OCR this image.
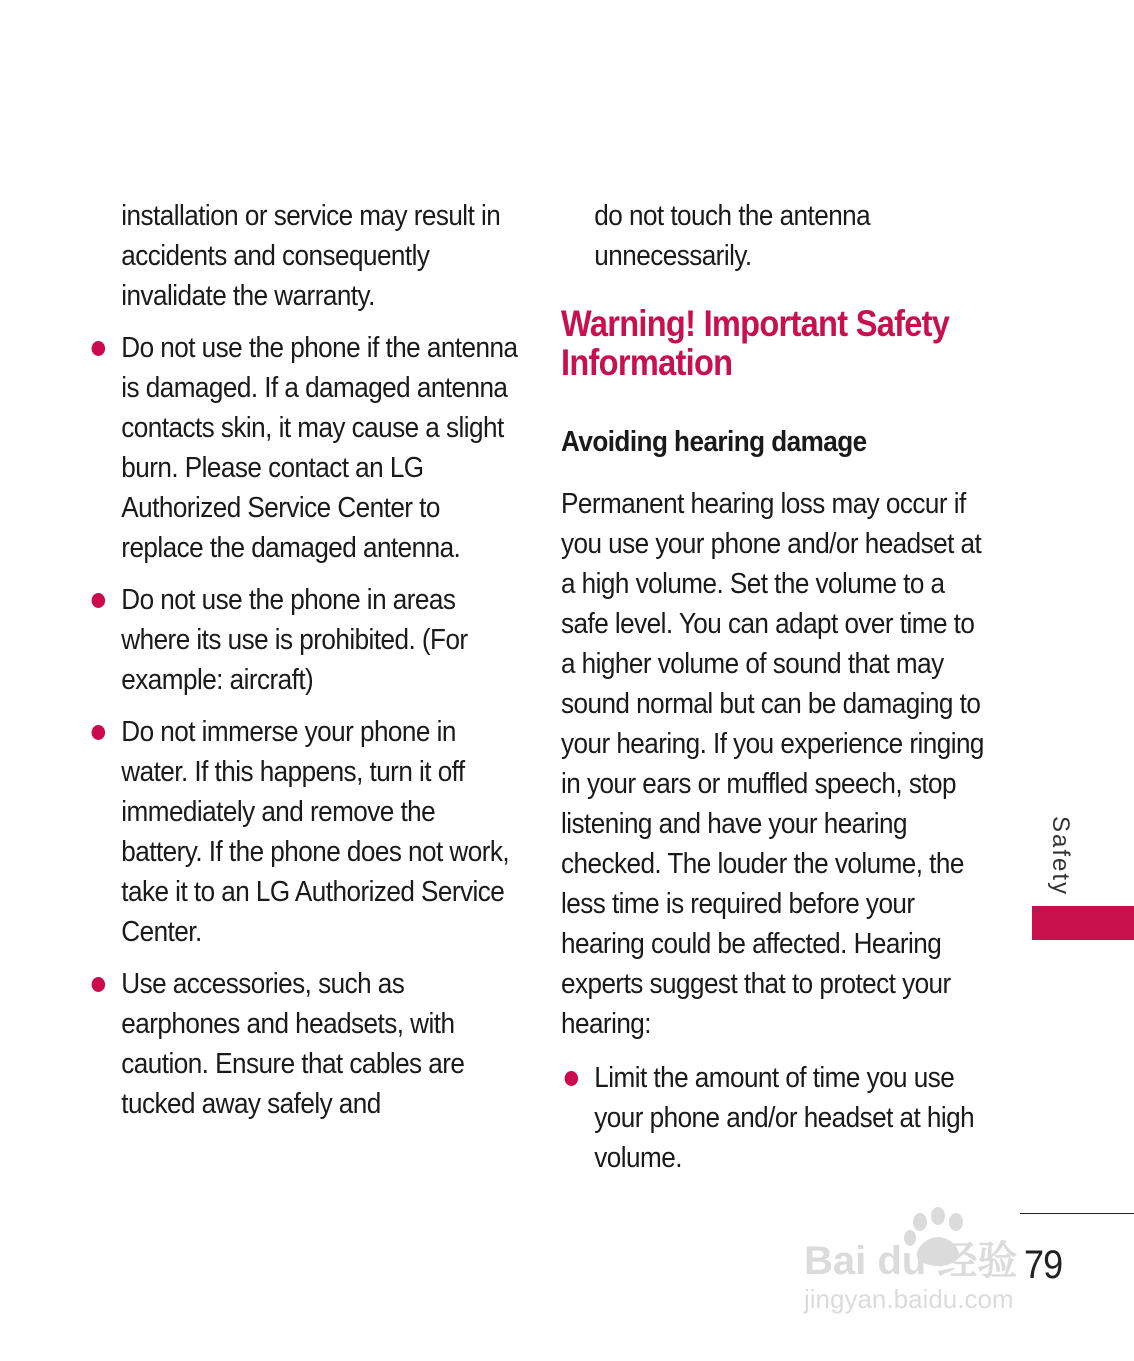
installation or service may result in accidents and consequently invalidate the warranty.

Do not use the phone if the antenna is damaged. If a damaged antenna contacts skin, it may cause a slight burn. Please contact an LG Authorized Service Center to replace the damaged antenna.
Do not use the phone in areas where its use is prohibited. (For example: aircraft)
Do not immerse your phone in water. If this happens, turn it off immediately and remove the battery. If the phone does not work, take it to an LG Authorized Service Center.
Use accessories, such as earphones and headsets, with caution. Ensure that cables are tucked away safely and

do not touch the antenna unnecessarily.

Warning! Important Safety Information
Avoiding hearing damage

Permanent hearing loss may occur if you use your phone and/or headset at a high volume. Set the volume to a safe level. You can adapt over time to a higher volume of sound that may sound normal but can be damaging to your hearing. If you experience ringing in your ears or muffled speech, stop listening and have your hearing checked. The louder the volume, the less time is required before your hearing could be affected. Hearing experts suggest that to protect your hearing:

Limit the amount of time you use your phone and/or headset at high volume.
Safety
79
Bai du 经验
jingyan.baidu.com
